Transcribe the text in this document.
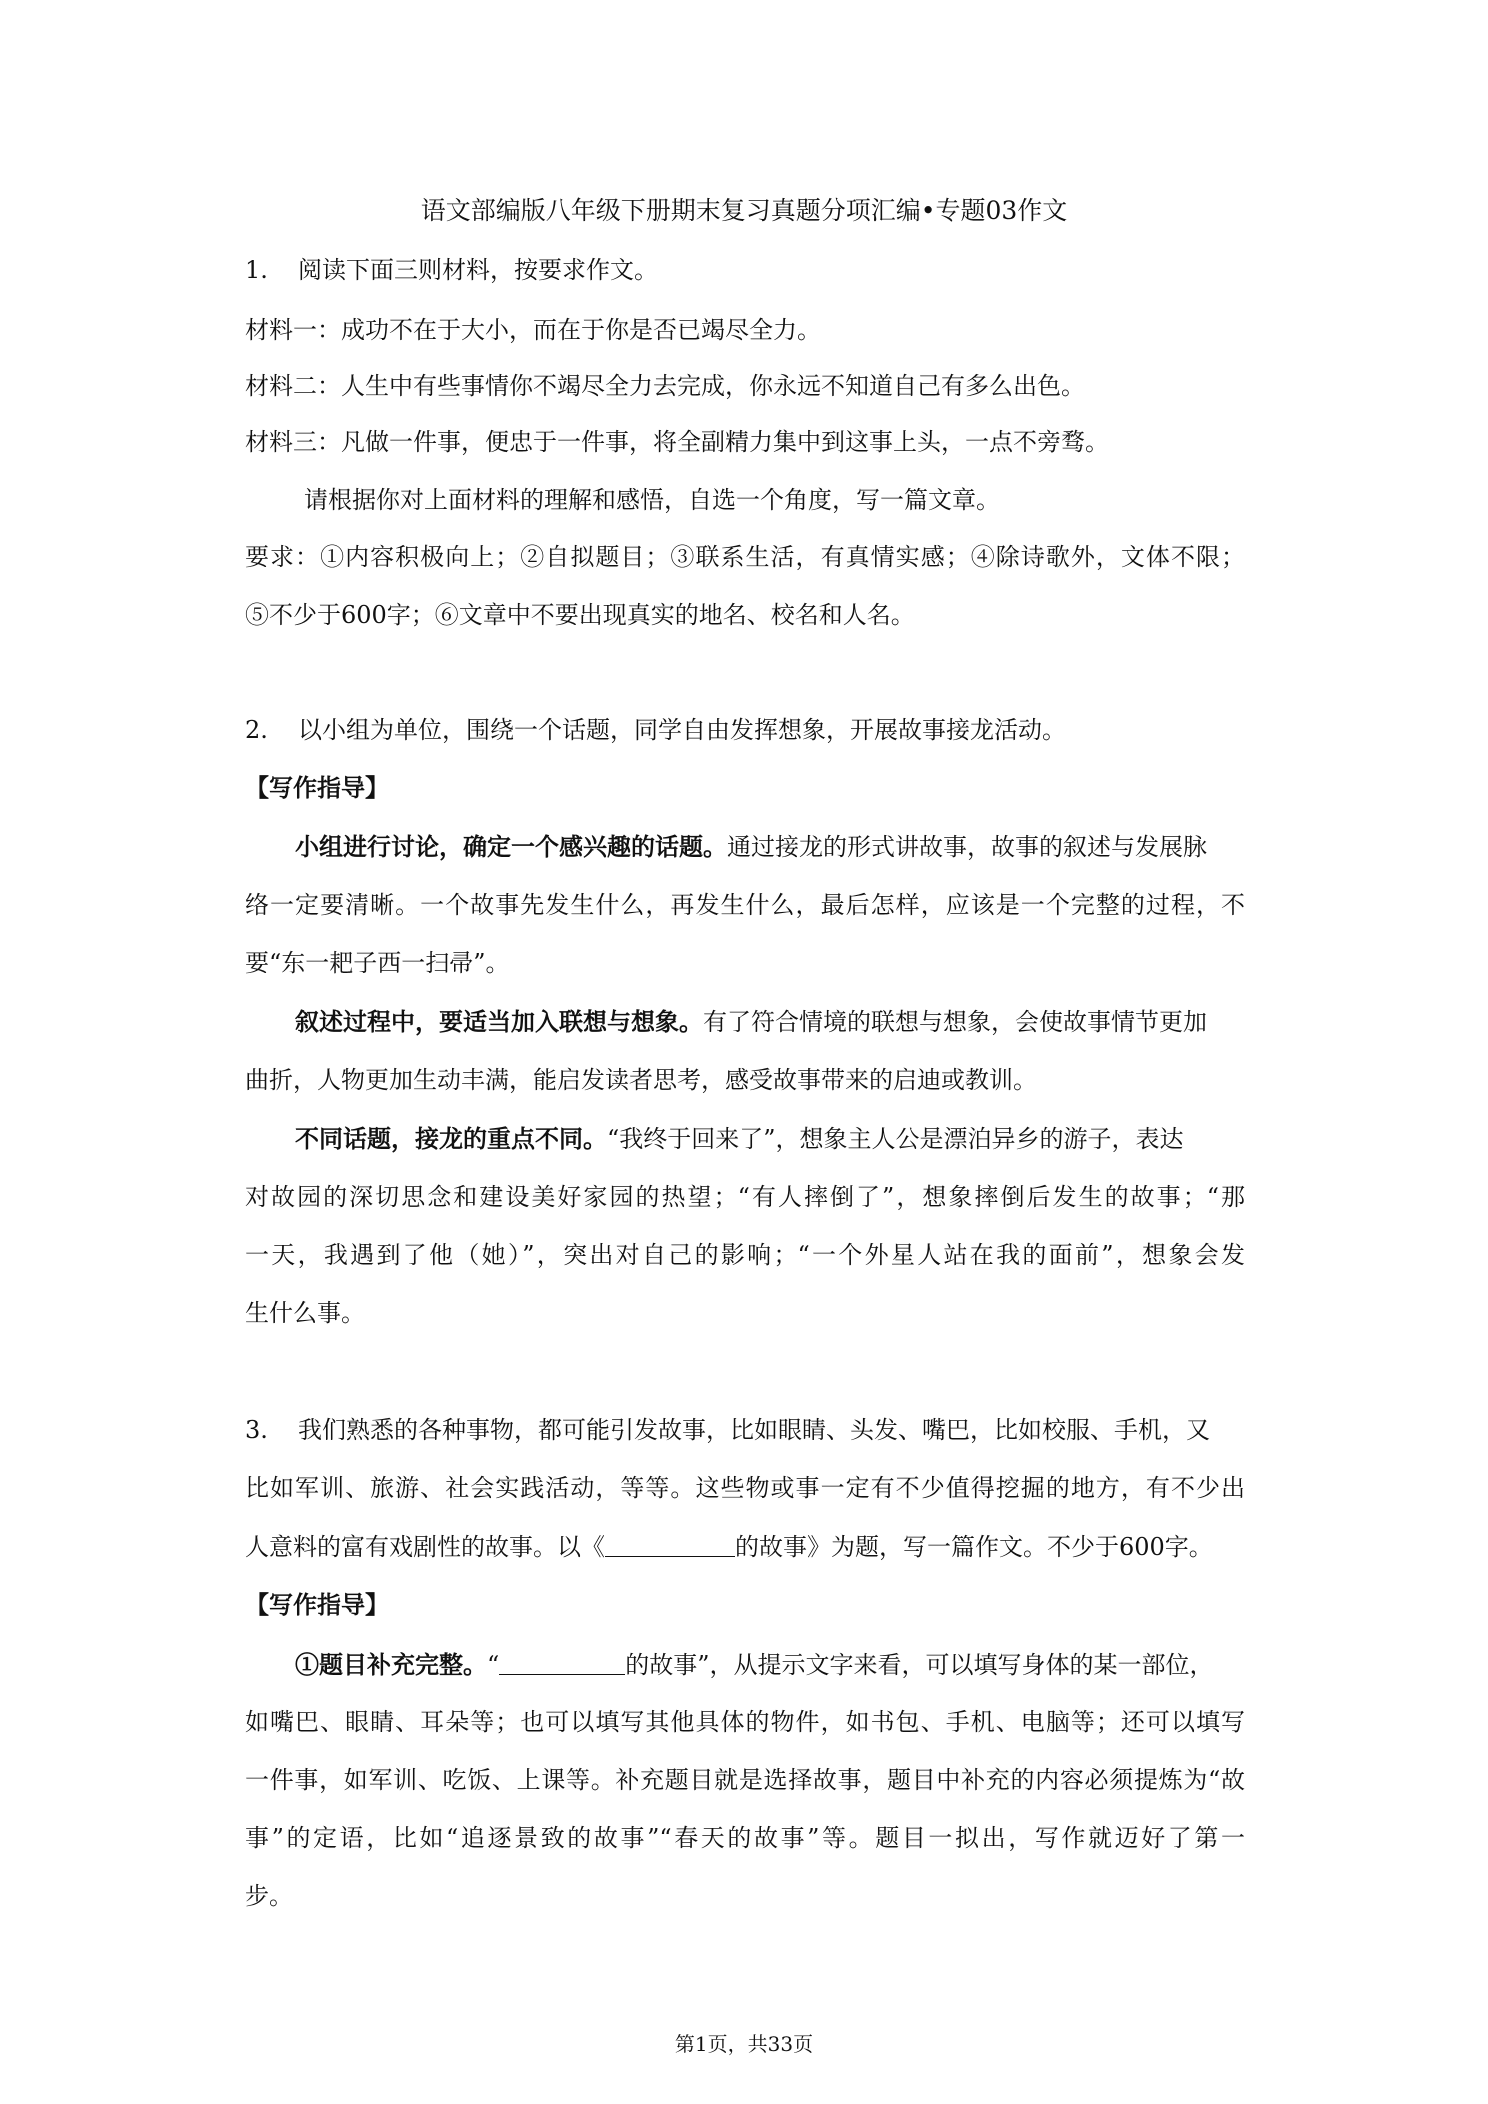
语文部编版八年级下册期末复习真题分项汇编•专题03作文
1. 阅读下面三则材料，按要求作文。
材料一：成功不在于大小，而在于你是否已竭尽全力。
材料二：人生中有些事情你不竭尽全力去完成，你永远不知道自己有多么出色。
材料三：凡做一件事，便忠于一件事，将全副精力集中到这事上头，一点不旁骛。
请根据你对上面材料的理解和感悟，自选一个角度，写一篇文章。
要求：①内容积极向上；②自拟题目；③联系生活，有真情实感；④除诗歌外，文体不限；
⑤不少于600字；⑥文章中不要出现真实的地名、校名和人名。
2. 以小组为单位，围绕一个话题，同学自由发挥想象，开展故事接龙活动。
【写作指导】
小组进行讨论，确定一个感兴趣的话题。通过接龙的形式讲故事，故事的叙述与发展脉
络一定要清晰。一个故事先发生什么，再发生什么，最后怎样，应该是一个完整的过程，不
要“东一耙子西一扫帚”。
叙述过程中，要适当加入联想与想象。有了符合情境的联想与想象，会使故事情节更加
曲折，人物更加生动丰满，能启发读者思考，感受故事带来的启迪或教训。
不同话题，接龙的重点不同。“我终于回来了”，想象主人公是漂泊异乡的游子，表达
对故园的深切思念和建设美好家园的热望；“有人摔倒了”，想象摔倒后发生的故事；“那
一天，我遇到了他（她）”，突出对自己的影响；“一个外星人站在我的面前”，想象会发
生什么事。
3. 我们熟悉的各种事物，都可能引发故事，比如眼睛、头发、嘴巴，比如校服、手机，又
比如军训、旅游、社会实践活动，等等。这些物或事一定有不少值得挖掘的地方，有不少出
人意料的富有戏剧性的故事。以《	的故事》为题，写一篇作文。不少于600字。
【写作指导】
①题目补充完整。“	的故事”，从提示文字来看，可以填写身体的某一部位，
如嘴巴、眼睛、耳朵等；也可以填写其他具体的物件，如书包、手机、电脑等；还可以填写
一件事，如军训、吃饭、上课等。补充题目就是选择故事，题目中补充的内容必须提炼为“故
事”的定语，比如“追逐景致的故事”“春天的故事”等。题目一拟出，写作就迈好了第一
步。
第1页，共33页
